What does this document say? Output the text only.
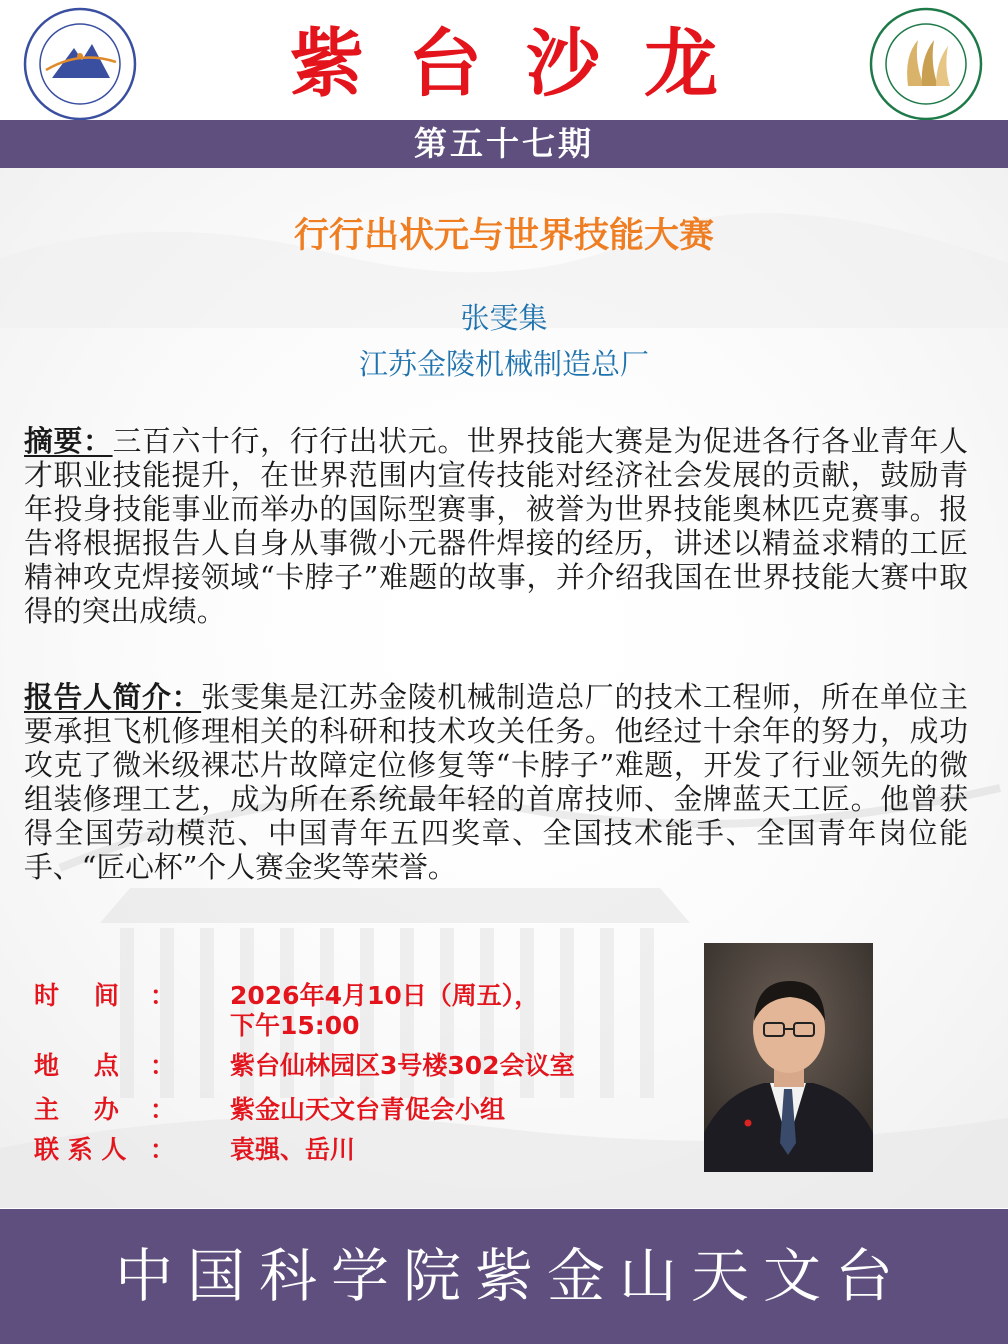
紫台沙龙
第五十七期
行行出状元与世界技能大赛
张雯集
江苏金陵机械制造总厂
摘要：三百六十行，行行出状元。世界技能大赛是为促进各行各业青年人才职业技能提升，在世界范围内宣传技能对经济社会发展的贡献，鼓励青年投身技能事业而举办的国际型赛事，被誉为世界技能奥林匹克赛事。报告将根据报告人自身从事微小元器件焊接的经历，讲述以精益求精的工匠精神攻克焊接领域“卡脖子”难题的故事，并介绍我国在世界技能大赛中取得的突出成绩。
报告人简介：张雯集是江苏金陵机械制造总厂的技术工程师，所在单位主要承担飞机修理相关的科研和技术攻关任务。他经过十余年的努力，成功攻克了微米级裸芯片故障定位修复等“卡脖子”难题，开发了行业领先的微组装修理工艺，成为所在系统最年轻的首席技师、金牌蓝天工匠。他曾获得全国劳动模范、中国青年五四奖章、全国技术能手、全国青年岗位能手、“匠心杯”个人赛金奖等荣誉。
时    间	： 2026年4月10日（周五），
下午15:00
地    点	： 紫台仙林园区3号楼302会议室
主    办	： 紫金山天文台青促会小组
联 系 人 ： 袁强、岳川
中国科学院紫金山天文台
